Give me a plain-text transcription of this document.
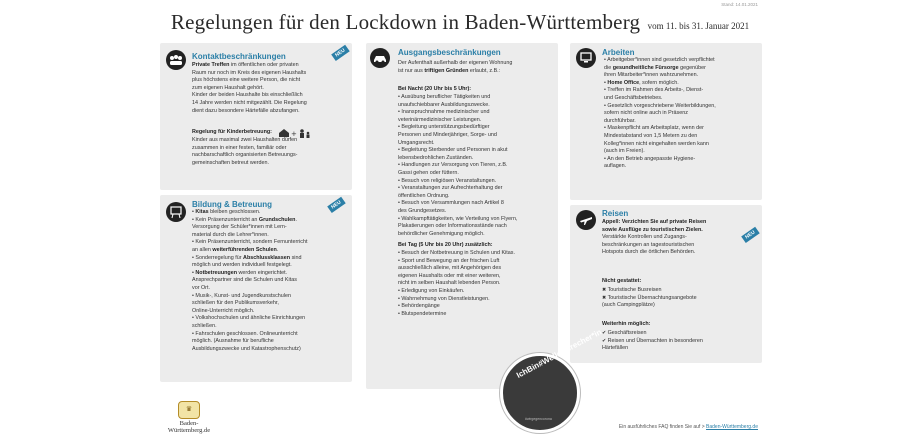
Stand: 14.01.2021
Regelungen für den Lockdown in Baden-Württemberg vom 11. bis 31. Januar 2021
Kontaktbeschränkungen	NEU
Private Treffen im öffentlichen oder privaten
Raum nur noch im Kreis des eigenen Haushalts
plus höchstens eine weitere Person, die nicht
zum eigenen Haushalt gehört.
Kinder der beiden Haushalte bis einschließlich
14 Jahre werden nicht mitgezählt. Die Regelung
dient dazu besondere Härtefälle abzufangen.
Regelung für Kinderbetreuung:	+
Kinder aus maximal zwei Haushalten dürfen
zusammen in einer festen, familiär oder
nachbarschaftlich organisierten Betreuungs-
gemeinschaften betreut werden.
Bildung & Betreuung	NEU
• Kitas bleiben geschlossen.
• Kein Präsenzunterricht an Grundschulen.
Versorgung der Schüler*innen mit Lern-
material durch die Lehrer*innen.
• Kein Präsenzunterricht, sondern Fernunterricht
an allen weiterführenden Schulen.
• Sonderregelung für Abschlussklassen sind
möglich und werden individuell festgelegt.
• Notbetreuungen werden eingerichtet.
Ansprechpartner sind die Schulen und Kitas
vor Ort.
• Musik-, Kunst- und Jugendkunstschulen
schließen für den Publikumsverkehr,
Online-Unterricht möglich.
• Volkshochschulen und ähnliche Einrichtungen
schließen.
• Fahrschulen geschlossen. Onlineunterricht
möglich. (Ausnahme für berufliche
Ausbildungszwecke und Katastrophenschutz)
Ausgangsbeschränkungen
Der Aufenthalt außerhalb der eigenen Wohnung
ist nur aus triftigen Gründen erlaubt, z.B.:
Bei Nacht (20 Uhr bis 5 Uhr):
• Ausübung beruflicher Tätigkeiten und
unaufschiebbarer Ausbildungszwecke.
• Inanspruchnahme medizinischer und
veterinärmedizinischer Leistungen.
• Begleitung unterstützungsbedürftiger
Personen und Minderjähriger, Sorge- und
Umgangsrecht.
• Begleitung Sterbender und Personen in akut
lebensbedrohlichen Zuständen.
• Handlungen zur Versorgung von Tieren, z.B.
Gassi gehen oder füttern.
• Besuch von religiösen Veranstaltungen.
• Veranstaltungen zur Aufrechterhaltung der
öffentlichen Ordnung.
• Besuch von Versammlungen nach Artikel 8
des Grundgesetzes.
• Wahlkampftätigkeiten, wie Verteilung von Flyern,
Plakatierungen oder Informationsstände nach
behördlicher Genehmigung möglich.
Bei Tag (5 Uhr bis 20 Uhr) zusätzlich:
• Besuch der Notbetreuung in Schulen und Kitas.
• Sport und Bewegung an der frischen Luft
ausschließlich alleine, mit Angehörigen des
eigenen Haushalts oder mit einer weiteren,
nicht im selben Haushalt lebenden Person.
• Erledigung von Einkäufen.
• Wahrnehmung von Dienstleistungen.
• Behördengänge
• Blutspendetermine
Arbeiten
• Arbeitgeber*innen sind gesetzlich verpflichtet
die gesundheitliche Fürsorge gegenüber
ihren Mitarbeiter*innen wahrzunehmen.
• Home Office, sofern möglich.
• Treffen im Rahmen des Arbeits-, Dienst-
und Geschäftsbetriebes.
• Gesetzlich vorgeschriebene Weiterbildungen,
sofern nicht online auch in Präsenz
durchführbar.
• Maskenpflicht am Arbeitsplatz, wenn der
Mindestabstand von 1,5 Metern zu den
Kolleg*innen nicht eingehalten werden kann
(auch im Freien).
• An den Betrieb angepasste Hygiene-
auflagen.
Reisen
NEU
Appell: Verzichten Sie auf private Reisen
sowie Ausflüge zu touristischen Zielen.
Verstärkte Kontrollen und Zugangs-
beschränkungen an tagestouristischen
Hotspots durch die örtlichen Behörden.
Nicht gestattet:
✖ Touristische Busreisen
✖ Touristische Übernachtungsangebote
(auch Campingplätze)
Weiterhin möglich:
✔ Geschäftsreisen
✔ Reisen und Übernachten in besonderen
Härtefällen
IchBin#WellenBrecher*in
#wirgegencorona
♛
Baden-Württemberg.de	Ein ausführliches FAQ finden Sie auf > Baden-Württemberg.de
